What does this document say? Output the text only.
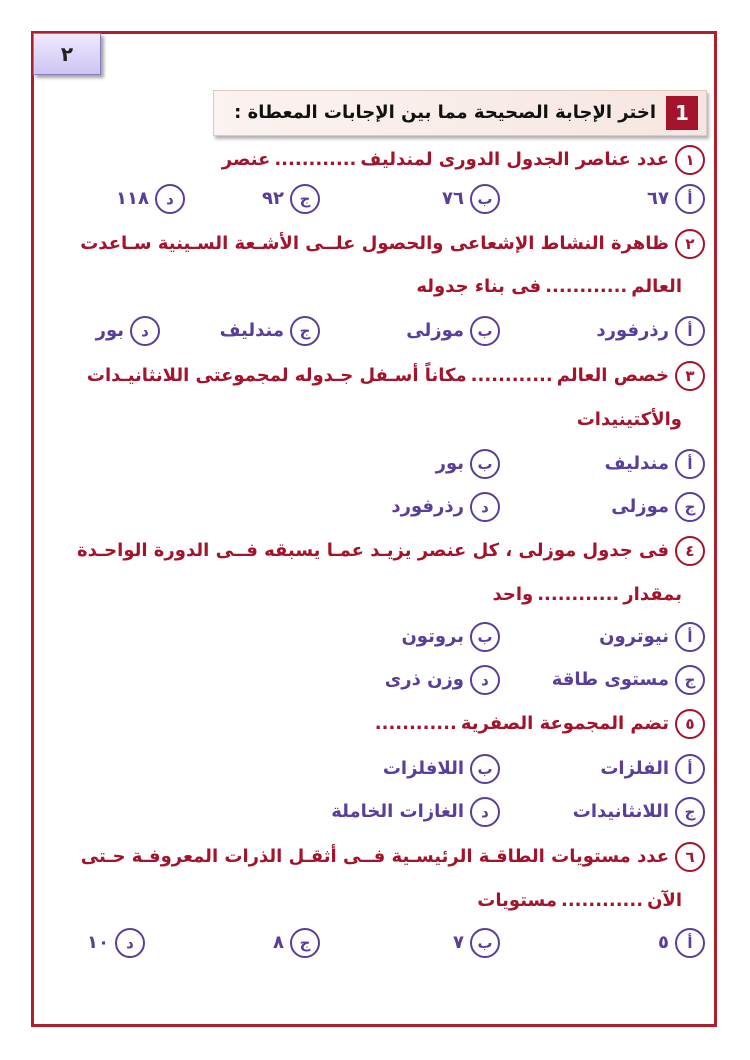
٢
1
اختر الإجابة الصحيحة مما بين الإجابات المعطاة :
١عدد عناصر الجدول الدورى لمندليف............عنصر
أ٦٧
ب٧٦
ج٩٢
د١١٨
٢ظاهرة النشاط الإشعاعى والحصول علــى الأشـعة السـينية سـاعدت
العالم............فى بناء جدوله
أرذرفورد
بموزلى
جمندليف
دبور
٣خصص العالم............مكاناً أسـفل جـدوله لمجموعتى اللانثانيـدات
والأكتينيدات
أمندليف
ببور
جموزلى
درذرفورد
٤فى جدول موزلى ، كل عنصر يزيـد عمـا يسبقه فــى الدورة الواحـدة
بمقدار............واحد
أنيوترون
ببروتون
جمستوى طاقة
دوزن ذرى
٥تضم المجموعة الصفرية............
أالفلزات
باللافلزات
جاللانثانيدات
دالغازات الخاملة
٦عدد مستويات الطاقـة الرئيسـية فــى أثقـل الذرات المعروفـة حـتى
الآن............مستويات
أ٥
ب٧
ج٨
د١٠
